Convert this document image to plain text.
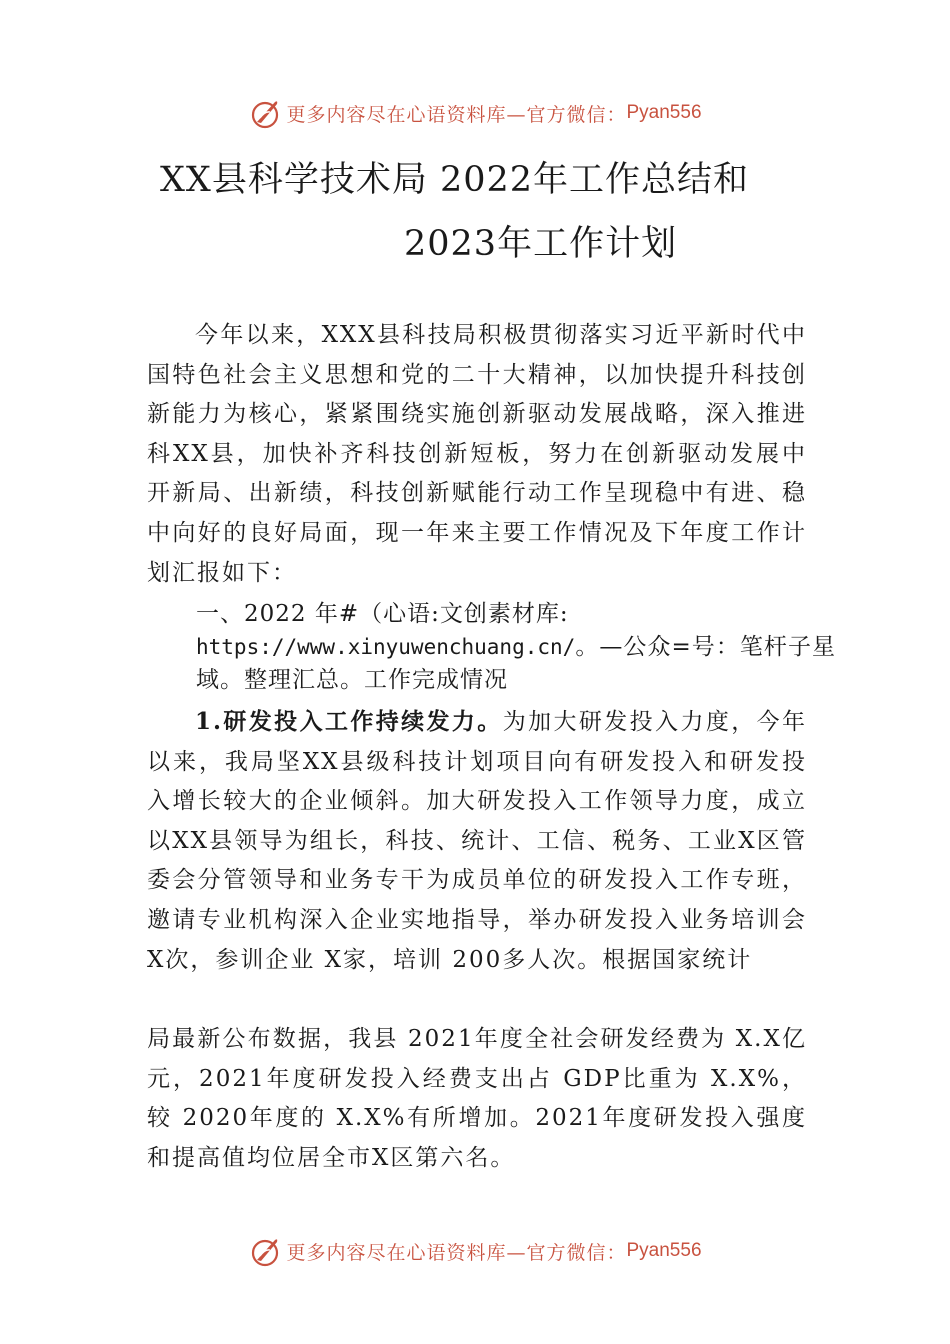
更多内容尽在心语资料库—官方微信： Pyan556
XX县科学技术局 2022年工作总结和
2023年工作计划
今年以来，XXX县科技局积极贯彻落实习近平新时代中国特色社会主义思想和党的二十大精神，以加快提升科技创新能力为核心，紧紧围绕实施创新驱动发展战略，深入推进科XX县，加快补齐科技创新短板，努力在创新驱动发展中开新局、出新绩，科技创新赋能行动工作呈现稳中有进、稳中向好的良好局面，现一年来主要工作情况及下年度工作计划汇报如下：
一、2022 年#（心语:文创素材库:
https://www.xinyuwenchuang.cn/。—公众=号：笔杆子星域。整理汇总。工作完成情况
1.研发投入工作持续发力。为加大研发投入力度，今年以来，我局坚XX县级科技计划项目向有研发投入和研发投入增长较大的企业倾斜。加大研发投入工作领导力度，成立以XX县领导为组长，科技、统计、工信、税务、工业X区管委会分管领导和业务专干为成员单位的研发投入工作专班，邀请专业机构深入企业实地指导，举办研发投入业务培训会 X次，参训企业 X家，培训 200多人次。根据国家统计
局最新公布数据，我县 2021年度全社会研发经费为 X.X亿元，2021年度研发投入经费支出占 GDP比重为 X.X%，较 2020年度的 X.X%有所增加。2021年度研发投入强度和提高值均位居全市X区第六名。
更多内容尽在心语资料库—官方微信： Pyan556
